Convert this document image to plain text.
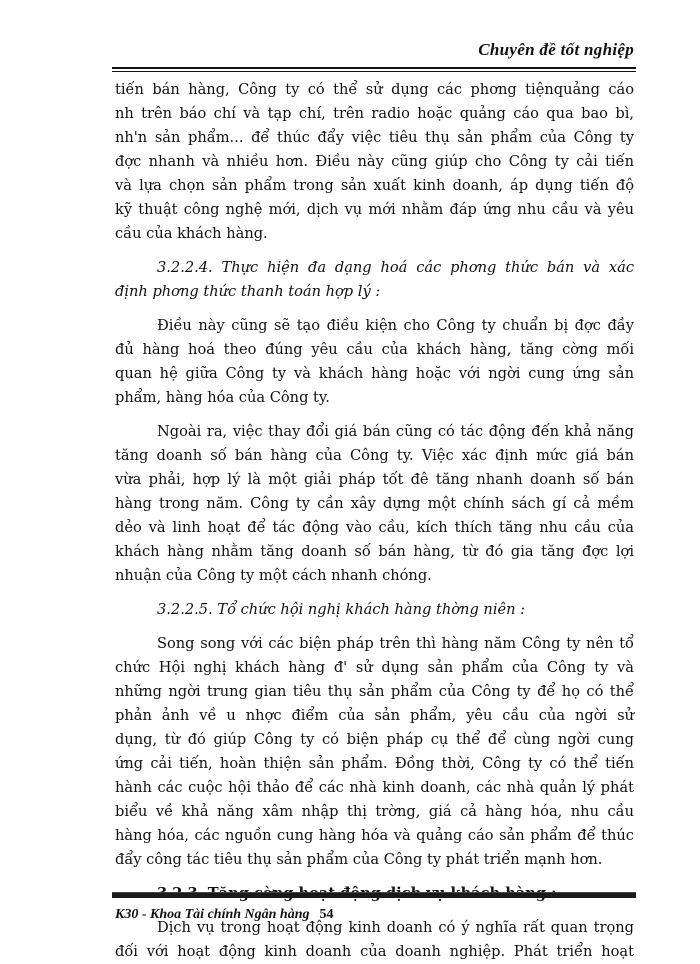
Chuyên đề tốt nghiệp
tiến bán hàng, Công ty có thể sử dụng các phơng tiệnquảng cáo
nh trên báo chí và tạp chí, trên radio hoặc quảng cáo qua bao bì,
nh'n sản phẩm... để thúc đẩy việc tiêu thụ sản phẩm của Công ty
đợc nhanh và nhiều hơn. Điều này cũng giúp cho Công ty cải tiến
và lựa chọn sản phẩm trong sản xuất kinh doanh, áp dụng tiến độ
kỹ thuật công nghệ mới, dịch vụ mới nhằm đáp ứng nhu cầu và yêu
cầu của khách hàng.
3.2.2.4. Thực hiện đa dạng hoá các phơng thức bán và xác
định phơng thức thanh toán hợp lý :
Điều này cũng sẽ tạo điều kiện cho Công ty chuẩn bị đợc đầy
đủ hàng hoá theo đúng yêu cầu của khách hàng, tăng cờng mối
quan hệ giữa Công ty và khách hàng hoặc với ngời cung ứng sản
phẩm, hàng hóa của Công ty.
Ngoài ra, việc thay đổi giá bán cũng có tác động đến khả năng
tăng doanh số bán hàng của Công ty. Việc xác định mức giá bán
vừa phải, hợp lý là một giải pháp tốt đê tăng nhanh doanh số bán
hàng trong năm. Công ty cần xây dựng một chính sách gí cả mềm
dẻo và linh hoạt để tác động vào cầu, kích thích tăng nhu cầu của
khách hàng nhằm tăng doanh số bán hàng, từ đó gia tăng đợc lợi
nhuận của Công ty một cách nhanh chóng.
3.2.2.5. Tổ chức hội nghị khách hàng thờng niên :
Song song với các biện pháp trên thì hàng năm Công ty nên tổ
chức Hội nghị khách hàng đ' sử dụng sản phẩm của Công ty và
những ngời trung gian tiêu thụ sản phẩm của Công ty để họ có thể
phản ảnh về u nhợc điểm của sản phẩm, yêu cầu của ngời sử
dụng, từ đó giúp Công ty có biện pháp cụ thể để cùng ngời cung
ứng cải tiến, hoàn thiện sản phẩm. Đồng thời, Công ty có thể tiến
hành các cuộc hội thảo để các nhà kinh doanh, các nhà quản lý phát
biểu về khả năng xâm nhập thị trờng, giá cả hàng hóa, nhu cầu
hàng hóa, các nguồn cung hàng hóa và quảng cáo sản phẩm để thúc
đẩy công tác tiêu thụ sản phẩm của Công ty phát triển mạnh hơn.
Dịch vụ trong hoạt động kinh doanh có ý nghĩa rất quan trọng
đối với hoạt động kinh doanh của doanh nghiệp. Phát triển hoạt
K30 - Khoa Tài chính Ngân hàng 54
